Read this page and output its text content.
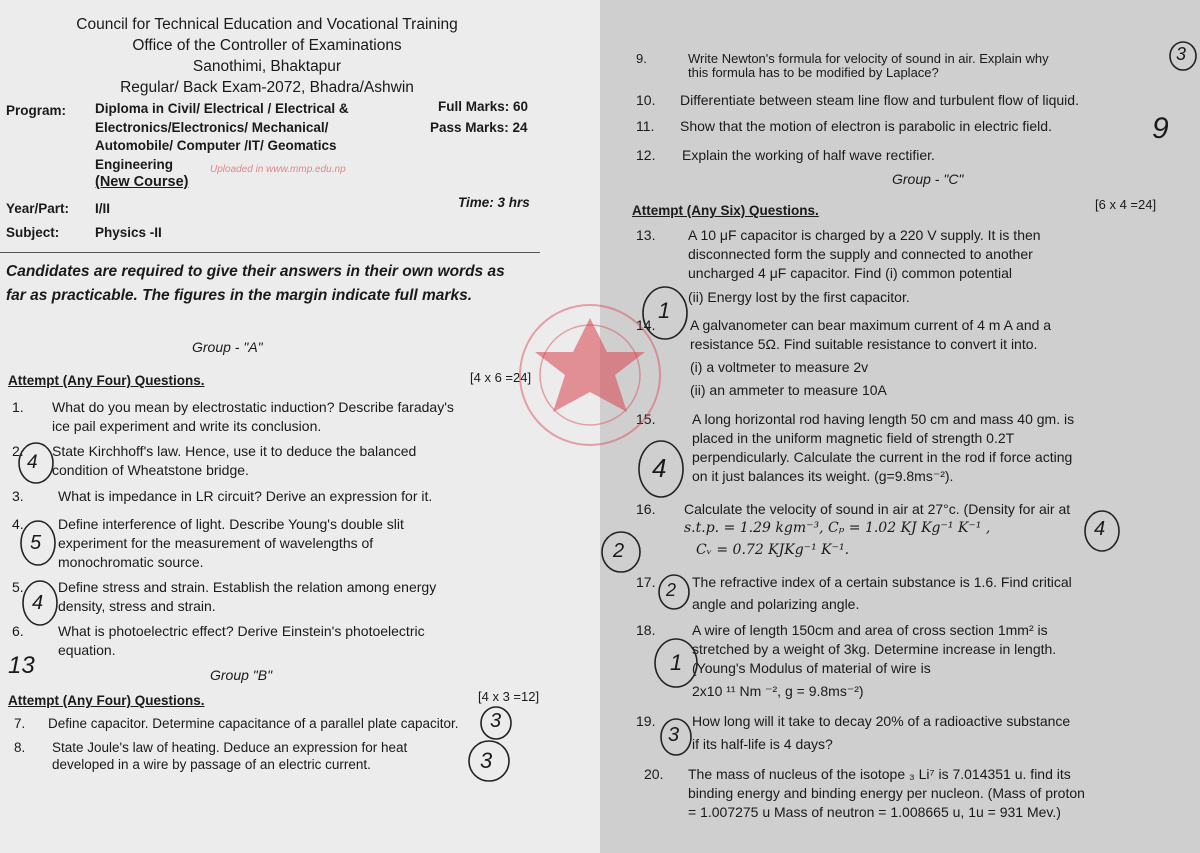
Council for Technical Education and Vocational Training
Office of the Controller of Examinations
Sanothimi, Bhaktapur
Regular/ Back Exam-2072, Bhadra/Ashwin
Program: Diploma in Civil/ Electrical / Electrical &
Electronics/Electronics/ Mechanical/
Automobile/ Computer /IT/ Geomatics
Engineering
(New Course)
Uploaded in www.mmp.edu.np
Full Marks: 60
Pass Marks: 24
Year/Part: I/II	Time: 3 hrs
Subject:	Physics -II
Candidates are required to give their answers in their own words as far as practicable. The figures in the margin indicate full marks.
Group - "A"
Attempt (Any Four) Questions.	[4 x 6 =24]
1. What do you mean by electrostatic induction? Describe faraday's
ice pail experiment and write its conclusion.
2. State Kirchhoff's law. Hence, use it to deduce the balanced
condition of Wheatstone bridge.
3. What is impedance in LR circuit? Derive an expression for it.
4. Define interference of light. Describe Young's double slit
experiment for the measurement of wavelengths of
monochromatic source.
5. Define stress and strain. Establish the relation among energy
density, stress and strain.
6. What is photoelectric effect? Derive Einstein's photoelectric
equation.
Group "B"
Attempt (Any Four) Questions.	[4 x 3 =12]
7. Define capacitor. Determine capacitance of a parallel plate capacitor.
8. State Joule's law of heating. Deduce an expression for heat
developed in a wire by passage of an electric current.
4
5
4
13
3
3
9.	Write Newton's formula for velocity of sound in air. Explain why
this formula has to be modified by Laplace?
10. Differentiate between steam line flow and turbulent flow of liquid.
11. Show that the motion of electron is parabolic in electric field.
12. Explain the working of half wave rectifier.
Group - "C"
Attempt (Any Six) Questions.	[6 x 4 =24]
13. A 10 μF capacitor is charged by a 220 V supply. It is then
disconnected form the supply and connected to another
uncharged 4 μF capacitor. Find (i) common potential
(ii) Energy lost by the first capacitor.
14. A galvanometer can bear maximum current of 4 m A and a
resistance 5Ω. Find suitable resistance to convert it into.
(i) a voltmeter to measure 2v
(ii) an ammeter to measure 10A
15.	A long horizontal rod having length 50 cm and mass 40 gm. is
placed in the uniform magnetic field of strength 0.2T
perpendicularly. Calculate the current in the rod if force acting
on it just balances its weight. (g=9.8ms⁻²).
16. Calculate the velocity of sound in air at 27°c. (Density for air at
s.t.p. = 1.29 kgm⁻³, Cₚ = 1.02 KJ Kg⁻¹ K⁻¹ ,
Cᵥ = 0.72 KJKg⁻¹ K⁻¹.
17.	The refractive index of a certain substance is 1.6. Find critical
angle and polarizing angle.
18.	A wire of length 150cm and area of cross section 1mm² is
stretched by a weight of 3kg. Determine increase in length.
(Young's Modulus of material of wire is
2x10 ¹¹ Nm ⁻², g = 9.8ms⁻²)
19.	How long will it take to decay 20% of a radioactive substance
if its half-life is 4 days?
20. The mass of nucleus of the isotope ₃ Li⁷ is 7.014351 u. find its
binding energy and binding energy per nucleon. (Mass of proton
= 1.007275 u Mass of neutron = 1.008665 u, 1u = 931 Mev.)
3
9
1
4
2
4
2
1
3
